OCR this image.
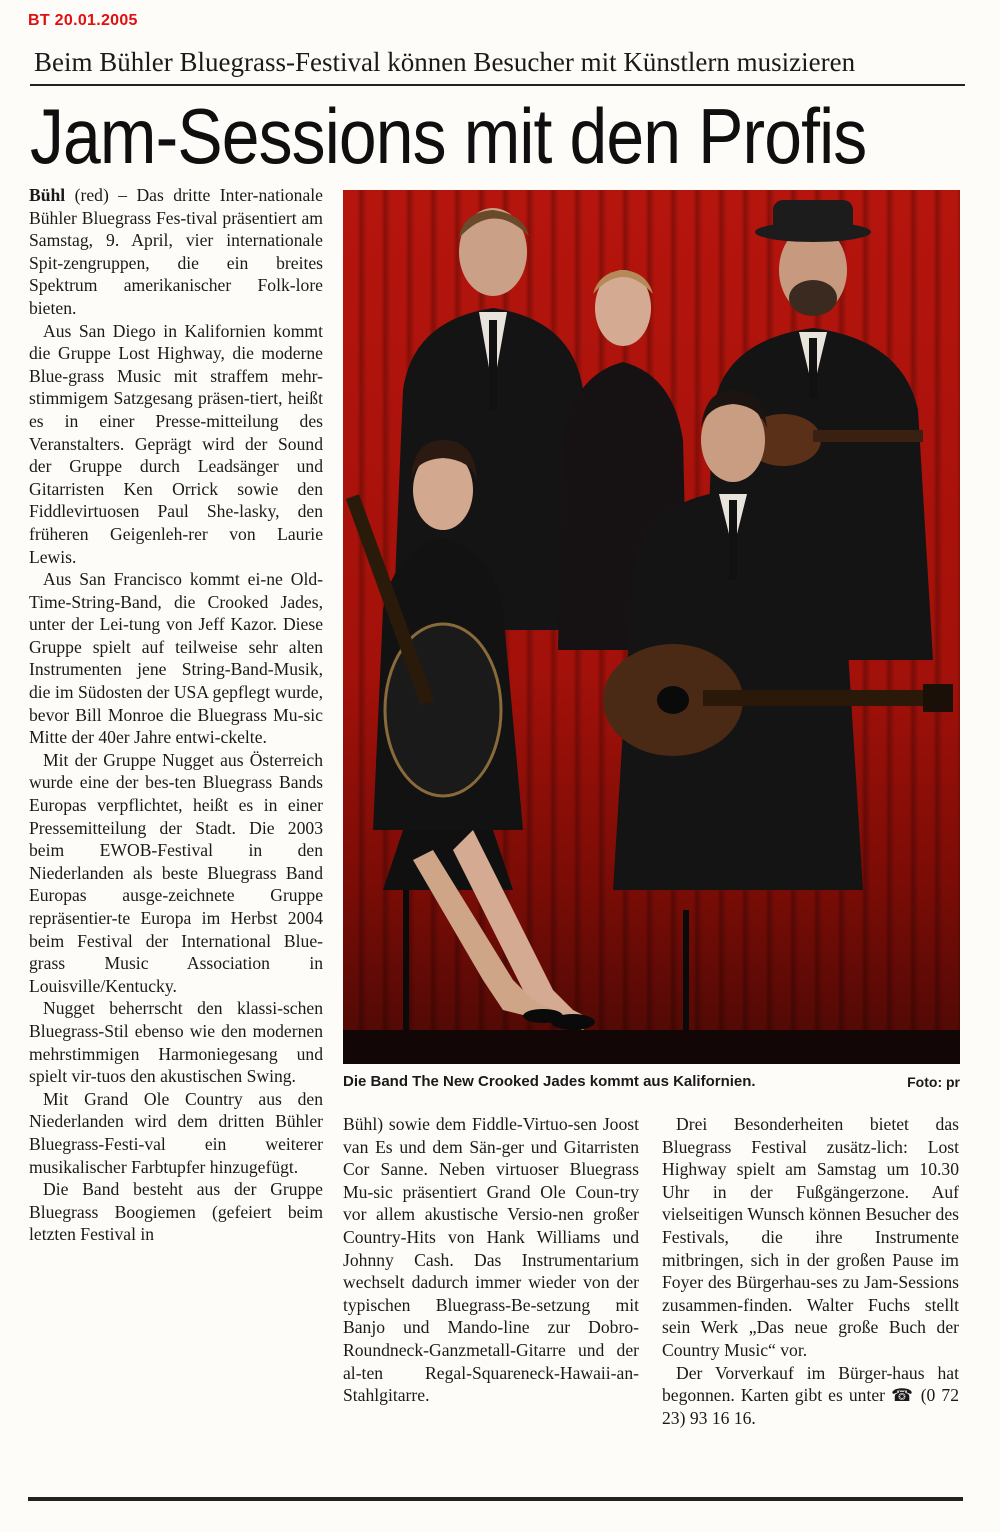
BT 20.01.2005
Beim Bühler Bluegrass-Festival können Besucher mit Künstlern musizieren
Jam-Sessions mit den Profis

Bühl (red) – Das dritte Inter-nationale Bühler Bluegrass Fes-tival präsentiert am Samstag, 9. April, vier internationale Spit-zengruppen, die ein breites Spektrum amerikanischer Folk-lore bieten.

Aus San Diego in Kalifornien kommt die Gruppe Lost Highway, die moderne Blue-grass Music mit straffem mehr-stimmigem Satzgesang präsen-tiert, heißt es in einer Presse-mitteilung des Veranstalters. Geprägt wird der Sound der Gruppe durch Leadsänger und Gitarristen Ken Orrick sowie den Fiddlevirtuosen Paul She-lasky, den früheren Geigenleh-rer von Laurie Lewis.

Aus San Francisco kommt ei-ne Old-Time-String-Band, die Crooked Jades, unter der Lei-tung von Jeff Kazor. Diese Gruppe spielt auf teilweise sehr alten Instrumenten jene String-Band-Musik, die im Südosten der USA gepflegt wurde, bevor Bill Monroe die Bluegrass Mu-sic Mitte der 40er Jahre entwi-ckelte.

Mit der Gruppe Nugget aus Österreich wurde eine der bes-ten Bluegrass Bands Europas verpflichtet, heißt es in einer Pressemitteilung der Stadt. Die 2003 beim EWOB-Festival in den Niederlanden als beste Bluegrass Band Europas ausge-zeichnete Gruppe repräsentier-te Europa im Herbst 2004 beim Festival der International Blue-grass Music Association in Louisville/Kentucky.

Nugget beherrscht den klassi-schen Bluegrass-Stil ebenso wie den modernen mehrstimmigen Harmoniegesang und spielt vir-tuos den akustischen Swing.

Mit Grand Ole Country aus den Niederlanden wird dem dritten Bühler Bluegrass-Festi-val ein weiterer musikalischer Farbtupfer hinzugefügt.

Die Band besteht aus der Gruppe Bluegrass Boogiemen (gefeiert beim letzten Festival in

Die Band The New Crooked Jades kommt aus Kalifornien.	Foto: pr

Bühl) sowie dem Fiddle-Virtuo-sen Joost van Es und dem Sän-ger und Gitarristen Cor Sanne. Neben virtuoser Bluegrass Mu-sic präsentiert Grand Ole Coun-try vor allem akustische Versio-nen großer Country-Hits von Hank Williams und Johnny Cash. Das Instrumentarium wechselt dadurch immer wieder von der typischen Bluegrass-Be-setzung mit Banjo und Mando-line zur Dobro-Roundneck-Ganzmetall-Gitarre und der al-ten Regal-Squareneck-Hawaii-an-Stahlgitarre.

Drei Besonderheiten bietet das Bluegrass Festival zusätz-lich: Lost Highway spielt am Samstag um 10.30 Uhr in der Fußgängerzone. Auf vielseitigen Wunsch können Besucher des Festivals, die ihre Instrumente mitbringen, sich in der großen Pause im Foyer des Bürgerhau-ses zu Jam-Sessions zusammen-finden. Walter Fuchs stellt sein Werk „Das neue große Buch der Country Music“ vor.

Der Vorverkauf im Bürger-haus hat begonnen. Karten gibt es unter ☎ (0 72 23) 93 16 16.
